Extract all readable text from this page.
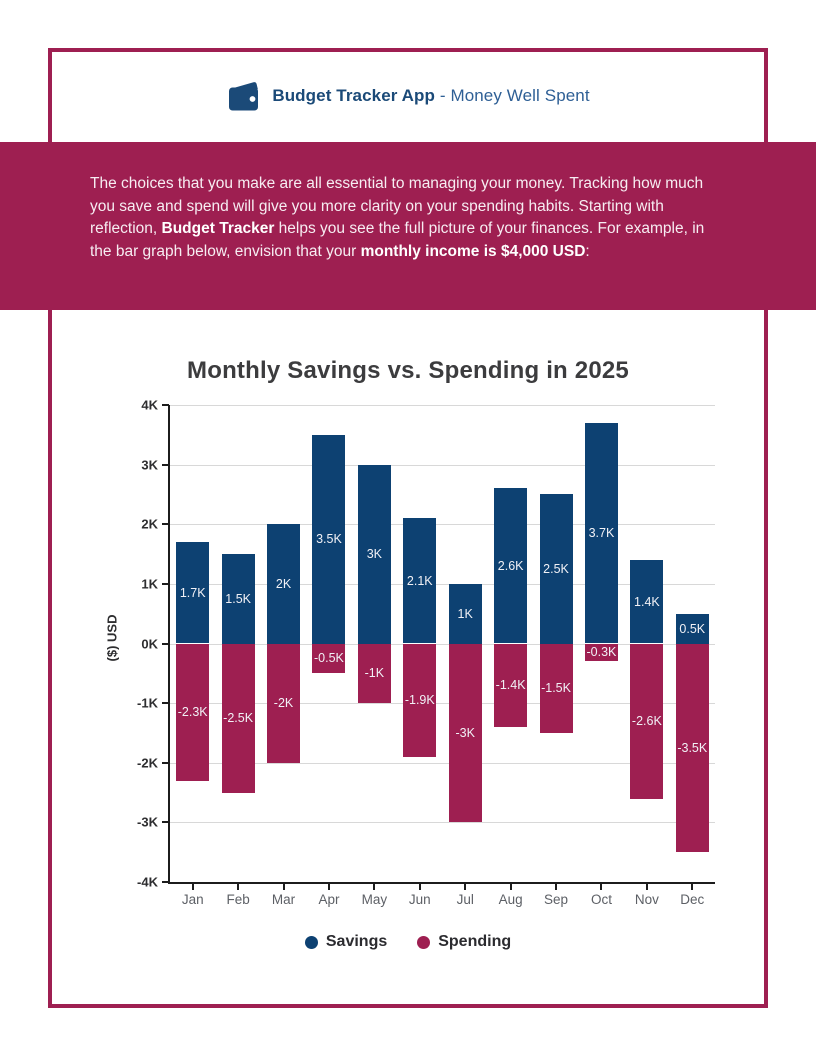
Budget Tracker App - Money Well Spent

The choices that you make are all essential to managing your money. Tracking how much you save and spend will give you more clarity on your spending habits. Starting with reflection, Budget Tracker helps you see the full picture of your finances. For example, in the bar graph below, envision that your monthly income is $4,000 USD:

Monthly Savings vs. Spending in 2025
($) USD
4K
3K
2K
1K
0K
-1K
-2K
-3K
-4K
Jan	Feb	Mar	Apr	May	Jun	Jul	Aug	Sep	Oct	Nov	Dec
1.7K 1.5K
2K
3.5K
3K
2.1K
1K
2.6K 2.5K
3.7K
1.4K
0.5K
-2.3K -2.5K
-2K
-0.5K
-1K
-1.9K
-3K
-1.4K -1.5K
-0.3K
-2.6K
-3.5K
Savings	Spending
